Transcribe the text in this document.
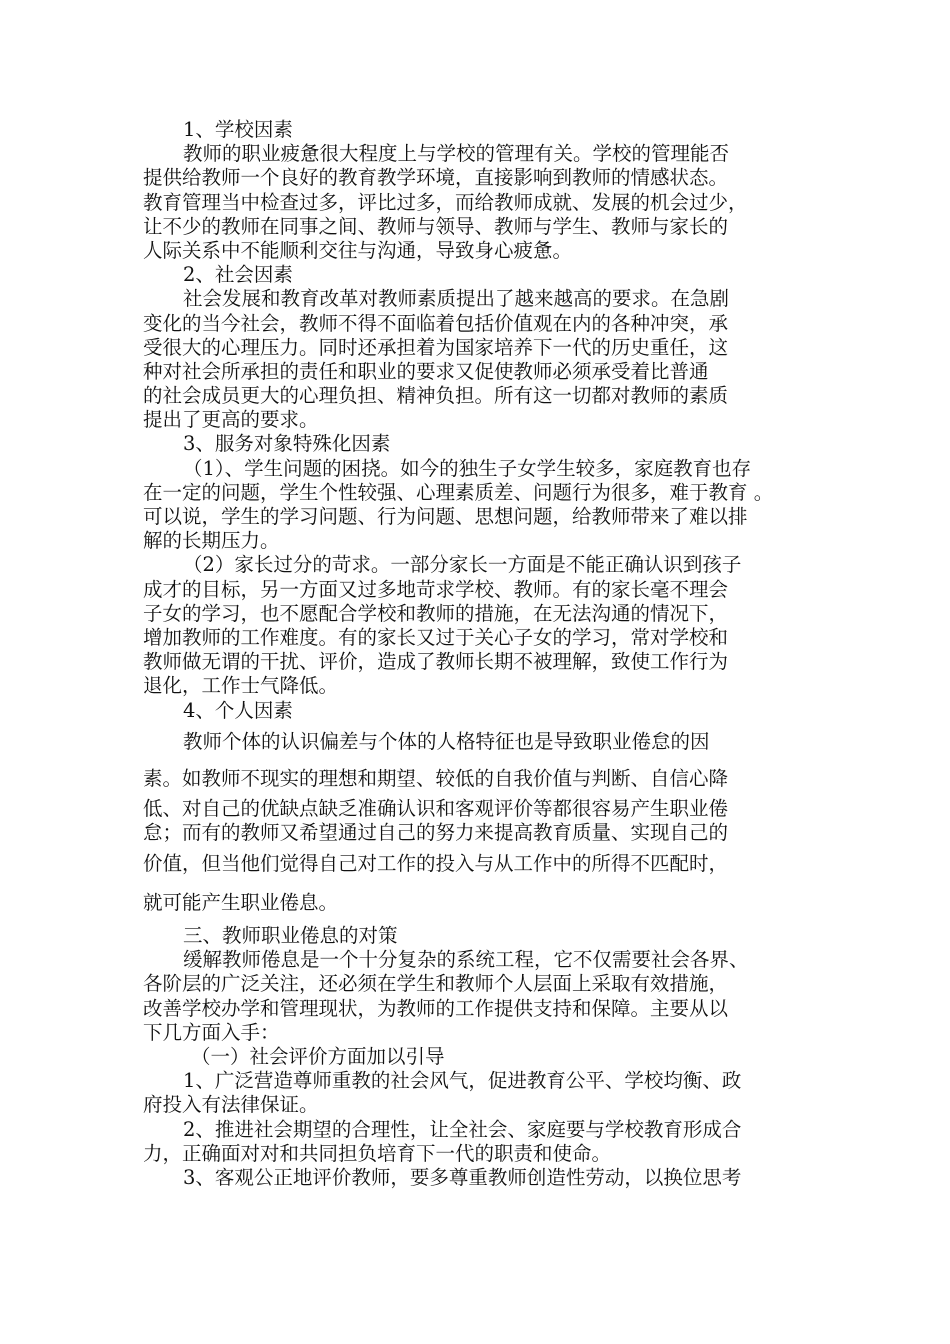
1、学校因素
教师的职业疲惫很大程度上与学校的管理有关。学校的管理能否
提供给教师一个良好的教育教学环境，直接影响到教师的情感状态。
教育管理当中检查过多，评比过多，而给教师成就、发展的机会过少，
让不少的教师在同事之间、教师与领导、教师与学生、教师与家长的
人际关系中不能顺利交往与沟通，导致身心疲惫。
2、社会因素
社会发展和教育改革对教师素质提出了越来越高的要求。在急剧
变化的当今社会，教师不得不面临着包括价值观在内的各种冲突，承
受很大的心理压力。同时还承担着为国家培养下一代的历史重任，这
种对社会所承担的责任和职业的要求又促使教师必须承受着比普通
的社会成员更大的心理负担、精神负担。所有这一切都对教师的素质
提出了更高的要求。
3、服务对象特殊化因素
（1）、学生问题的困挠。如今的独生子女学生较多，家庭教育也存
在一定的问题，学生个性较强、心理素质差、问题行为很多，难于教育 。
可以说，学生的学习问题、行为问题、思想问题，给教师带来了难以排
解的长期压力。
（2）家长过分的苛求。一部分家长一方面是不能正确认识到孩子
成才的目标，另一方面又过多地苛求学校、教师。有的家长毫不理会
子女的学习，也不愿配合学校和教师的措施，在无法沟通的情况下，
增加教师的工作难度。有的家长又过于关心子女的学习，常对学校和
教师做无谓的干扰、评价，造成了教师长期不被理解，致使工作行为
退化，工作士气降低。
4、个人因素
教师个体的认识偏差与个体的人格特征也是导致职业倦怠的因
素。如教师不现实的理想和期望、较低的自我价值与判断、自信心降
低、对自己的优缺点缺乏准确认识和客观评价等都很容易产生职业倦
怠；而有的教师又希望通过自己的努力来提高教育质量、实现自己的
价值，但当他们觉得自己对工作的投入与从工作中的所得不匹配时，
就可能产生职业倦息。
三、教师职业倦息的对策
缓解教师倦息是一个十分复杂的系统工程，它不仅需要社会各界、
各阶层的广泛关注，还必须在学生和教师个人层面上采取有效措施，
改善学校办学和管理现状，为教师的工作提供支持和保障。主要从以
下几方面入手：
（一）社会评价方面加以引导
1、广泛营造尊师重教的社会风气，促进教育公平、学校均衡、政
府投入有法律保证。
2、推进社会期望的合理性，让全社会、家庭要与学校教育形成合
力，正确面对对和共同担负培育下一代的职责和使命。
3、客观公正地评价教师，要多尊重教师创造性劳动，以换位思考
